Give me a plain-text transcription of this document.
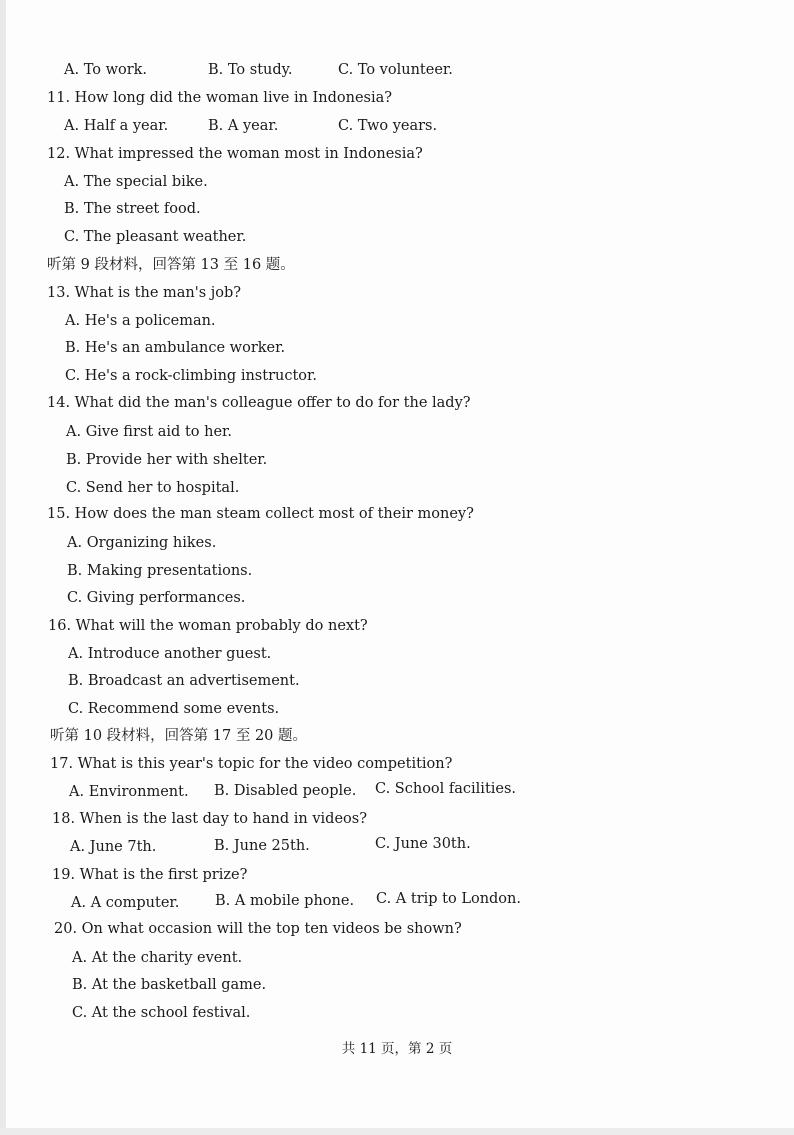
A. To work.	B. To study.	C. To volunteer.
11. How long did the woman live in Indonesia?
A. Half a year.	B. A year.	C. Two years.
12. What impressed the woman most in Indonesia?
A. The special bike.
B. The street food.
C. The pleasant weather.
听第 9 段材料，回答第 13 至 16 题。
13. What is the man's job?
A. He's a policeman.
B. He's an ambulance worker.
C. He's a rock-climbing instructor.
14. What did the man's colleague offer to do for the lady?
A. Give first aid to her.
B. Provide her with shelter.
C. Send her to hospital.
15. How does the man steam collect most of their money?
A. Organizing hikes.
B. Making presentations.
C. Giving performances.
16. What will the woman probably do next?
A. Introduce another guest.
B. Broadcast an advertisement.
C. Recommend some events.
听第 10 段材料，回答第 17 至 20 题。
17. What is this year's topic for the video competition?
A. Environment. B. Disabled people. C. School facilities.
18. When is the last day to hand in videos?
A. June 7th.	B. June 25th.	C. June 30th.
19. What is the first prize?
A. A computer. B. A mobile phone. C. A trip to London.
20. On what occasion will the top ten videos be shown?
A. At the charity event.
B. At the basketball game.
C. At the school festival.
共 11 页，第 2 页
